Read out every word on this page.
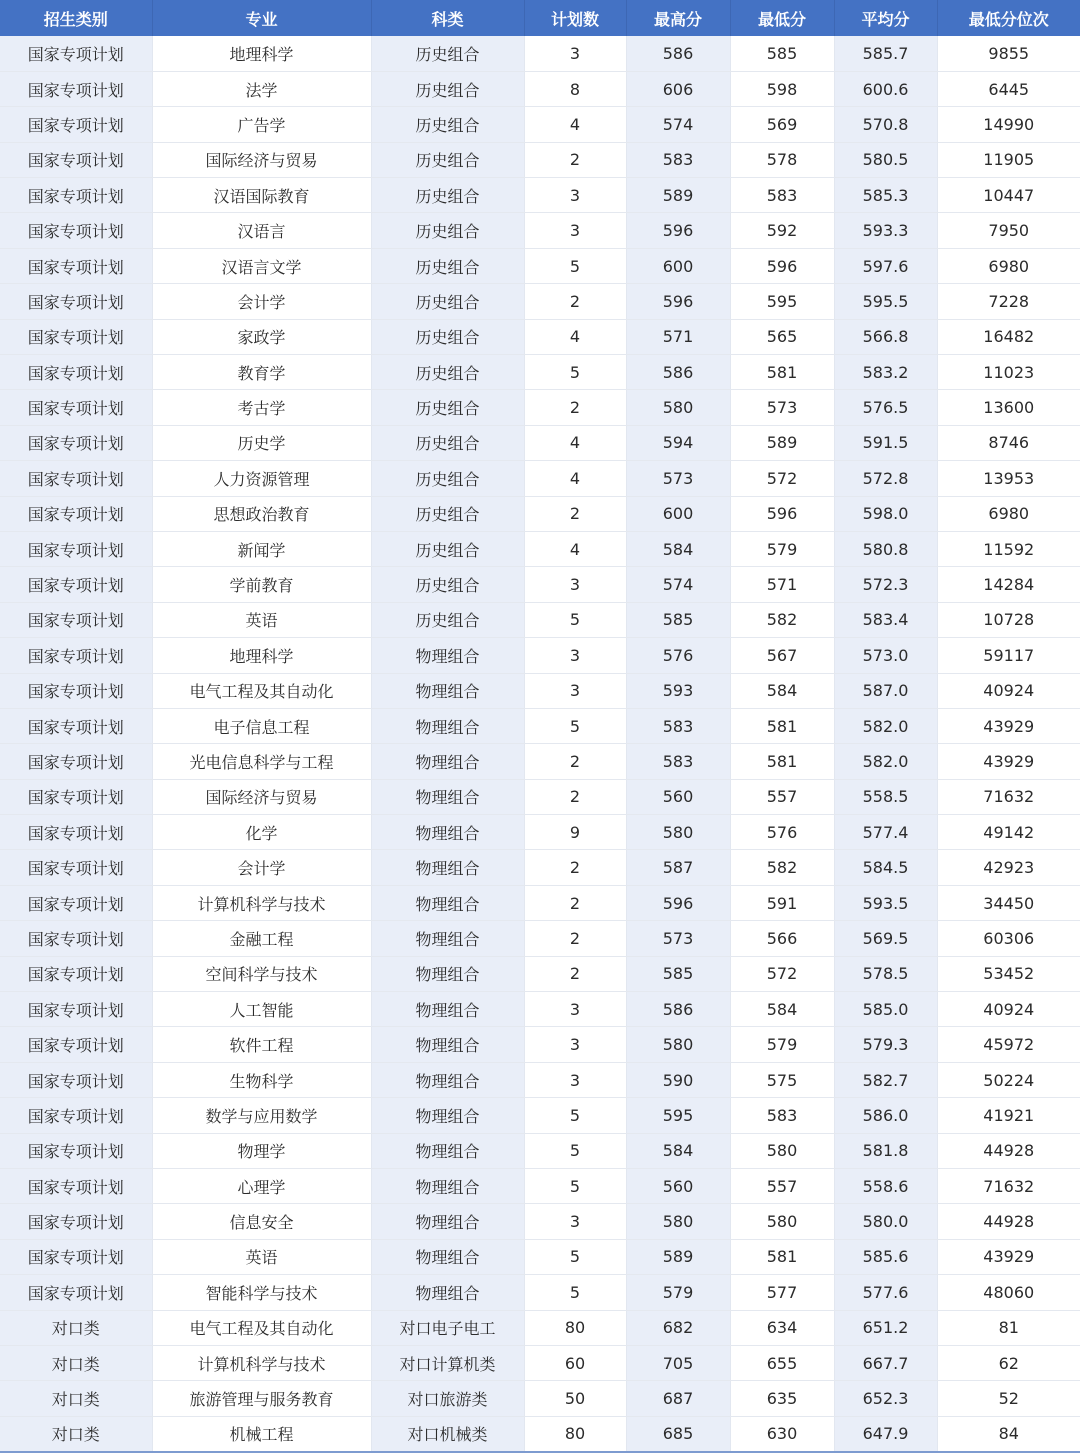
招生类别	专业	科类	计划数	最高分	最低分	平均分	最低分位次
国家专项计划	地理科学	历史组合	3	586	585	585.7	9855
国家专项计划	法学	历史组合	8	606	598	600.6	6445
国家专项计划	广告学	历史组合	4	574	569	570.8	14990
国家专项计划	国际经济与贸易	历史组合	2	583	578	580.5	11905
国家专项计划	汉语国际教育	历史组合	3	589	583	585.3	10447
国家专项计划	汉语言	历史组合	3	596	592	593.3	7950
国家专项计划	汉语言文学	历史组合	5	600	596	597.6	6980
国家专项计划	会计学	历史组合	2	596	595	595.5	7228
国家专项计划	家政学	历史组合	4	571	565	566.8	16482
国家专项计划	教育学	历史组合	5	586	581	583.2	11023
国家专项计划	考古学	历史组合	2	580	573	576.5	13600
国家专项计划	历史学	历史组合	4	594	589	591.5	8746
国家专项计划	人力资源管理	历史组合	4	573	572	572.8	13953
国家专项计划	思想政治教育	历史组合	2	600	596	598.0	6980
国家专项计划	新闻学	历史组合	4	584	579	580.8	11592
国家专项计划	学前教育	历史组合	3	574	571	572.3	14284
国家专项计划	英语	历史组合	5	585	582	583.4	10728
国家专项计划	地理科学	物理组合	3	576	567	573.0	59117
国家专项计划	电气工程及其自动化	物理组合	3	593	584	587.0	40924
国家专项计划	电子信息工程	物理组合	5	583	581	582.0	43929
国家专项计划	光电信息科学与工程	物理组合	2	583	581	582.0	43929
国家专项计划	国际经济与贸易	物理组合	2	560	557	558.5	71632
国家专项计划	化学	物理组合	9	580	576	577.4	49142
国家专项计划	会计学	物理组合	2	587	582	584.5	42923
国家专项计划	计算机科学与技术	物理组合	2	596	591	593.5	34450
国家专项计划	金融工程	物理组合	2	573	566	569.5	60306
国家专项计划	空间科学与技术	物理组合	2	585	572	578.5	53452
国家专项计划	人工智能	物理组合	3	586	584	585.0	40924
国家专项计划	软件工程	物理组合	3	580	579	579.3	45972
国家专项计划	生物科学	物理组合	3	590	575	582.7	50224
国家专项计划	数学与应用数学	物理组合	5	595	583	586.0	41921
国家专项计划	物理学	物理组合	5	584	580	581.8	44928
国家专项计划	心理学	物理组合	5	560	557	558.6	71632
国家专项计划	信息安全	物理组合	3	580	580	580.0	44928
国家专项计划	英语	物理组合	5	589	581	585.6	43929
国家专项计划	智能科学与技术	物理组合	5	579	577	577.6	48060
对口类	电气工程及其自动化	对口电子电工	80	682	634	651.2	81
对口类	计算机科学与技术	对口计算机类	60	705	655	667.7	62
对口类	旅游管理与服务教育	对口旅游类	50	687	635	652.3	52
对口类	机械工程	对口机械类	80	685	630	647.9	84
